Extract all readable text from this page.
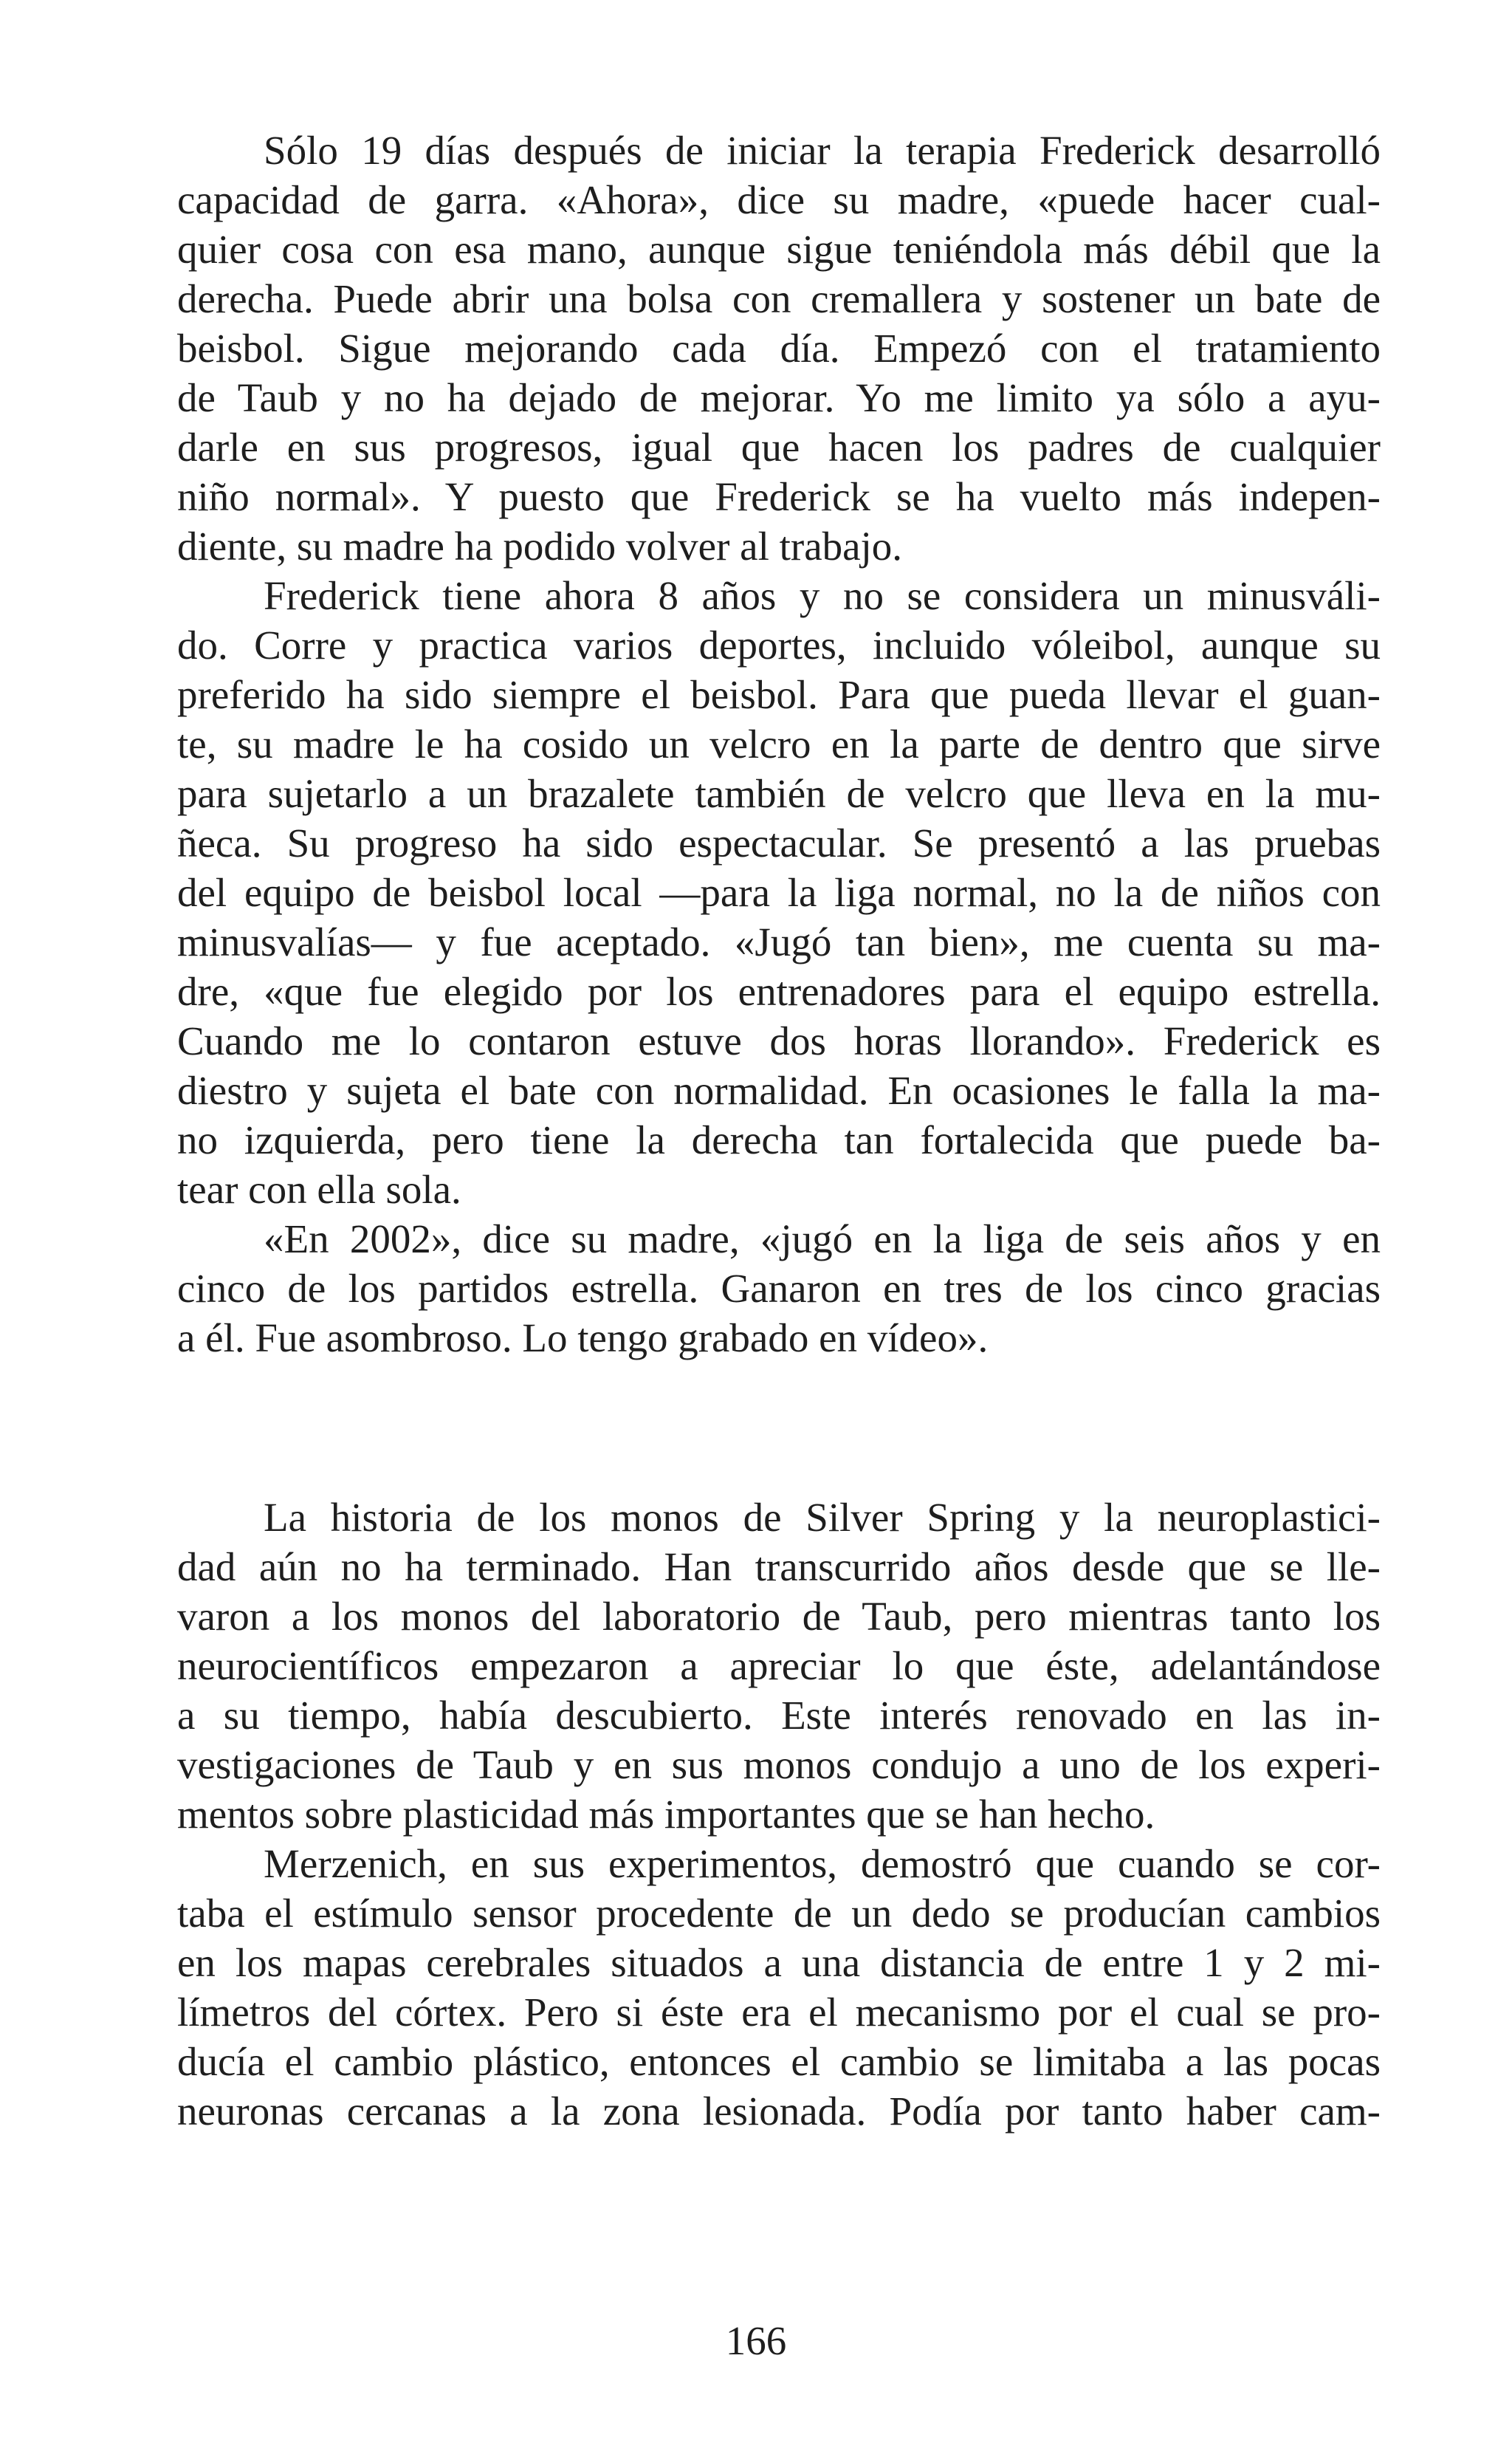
Sólo 19 días después de iniciar la terapia Frederick desarrolló
capacidad de garra. «Ahora», dice su madre, «puede hacer cual-
quier cosa con esa mano, aunque sigue teniéndola más débil que la
derecha. Puede abrir una bolsa con cremallera y sostener un bate de
beisbol. Sigue mejorando cada día. Empezó con el tratamiento
de Taub y no ha dejado de mejorar. Yo me limito ya sólo a ayu-
darle en sus progresos, igual que hacen los padres de cualquier
niño normal». Y puesto que Frederick se ha vuelto más indepen-
diente, su madre ha podido volver al trabajo.
Frederick tiene ahora 8 años y no se considera un minusváli-
do. Corre y practica varios deportes, incluido vóleibol, aunque su
preferido ha sido siempre el beisbol. Para que pueda llevar el guan-
te, su madre le ha cosido un velcro en la parte de dentro que sirve
para sujetarlo a un brazalete también de velcro que lleva en la mu-
ñeca. Su progreso ha sido espectacular. Se presentó a las pruebas
del equipo de beisbol local —para la liga normal, no la de niños con
minusvalías— y fue aceptado. «Jugó tan bien», me cuenta su ma-
dre, «que fue elegido por los entrenadores para el equipo estrella.
Cuando me lo contaron estuve dos horas llorando». Frederick es
diestro y sujeta el bate con normalidad. En ocasiones le falla la ma-
no izquierda, pero tiene la derecha tan fortalecida que puede ba-
tear con ella sola.
«En 2002», dice su madre, «jugó en la liga de seis años y en
cinco de los partidos estrella. Ganaron en tres de los cinco gracias
a él. Fue asombroso. Lo tengo grabado en vídeo».
La historia de los monos de Silver Spring y la neuroplastici-
dad aún no ha terminado. Han transcurrido años desde que se lle-
varon a los monos del laboratorio de Taub, pero mientras tanto los
neurocientíficos empezaron a apreciar lo que éste, adelantándose
a su tiempo, había descubierto. Este interés renovado en las in-
vestigaciones de Taub y en sus monos condujo a uno de los experi-
mentos sobre plasticidad más importantes que se han hecho.
Merzenich, en sus experimentos, demostró que cuando se cor-
taba el estímulo sensor procedente de un dedo se producían cambios
en los mapas cerebrales situados a una distancia de entre 1 y 2 mi-
límetros del córtex. Pero si éste era el mecanismo por el cual se pro-
ducía el cambio plástico, entonces el cambio se limitaba a las pocas
neuronas cercanas a la zona lesionada. Podía por tanto haber cam-
166
